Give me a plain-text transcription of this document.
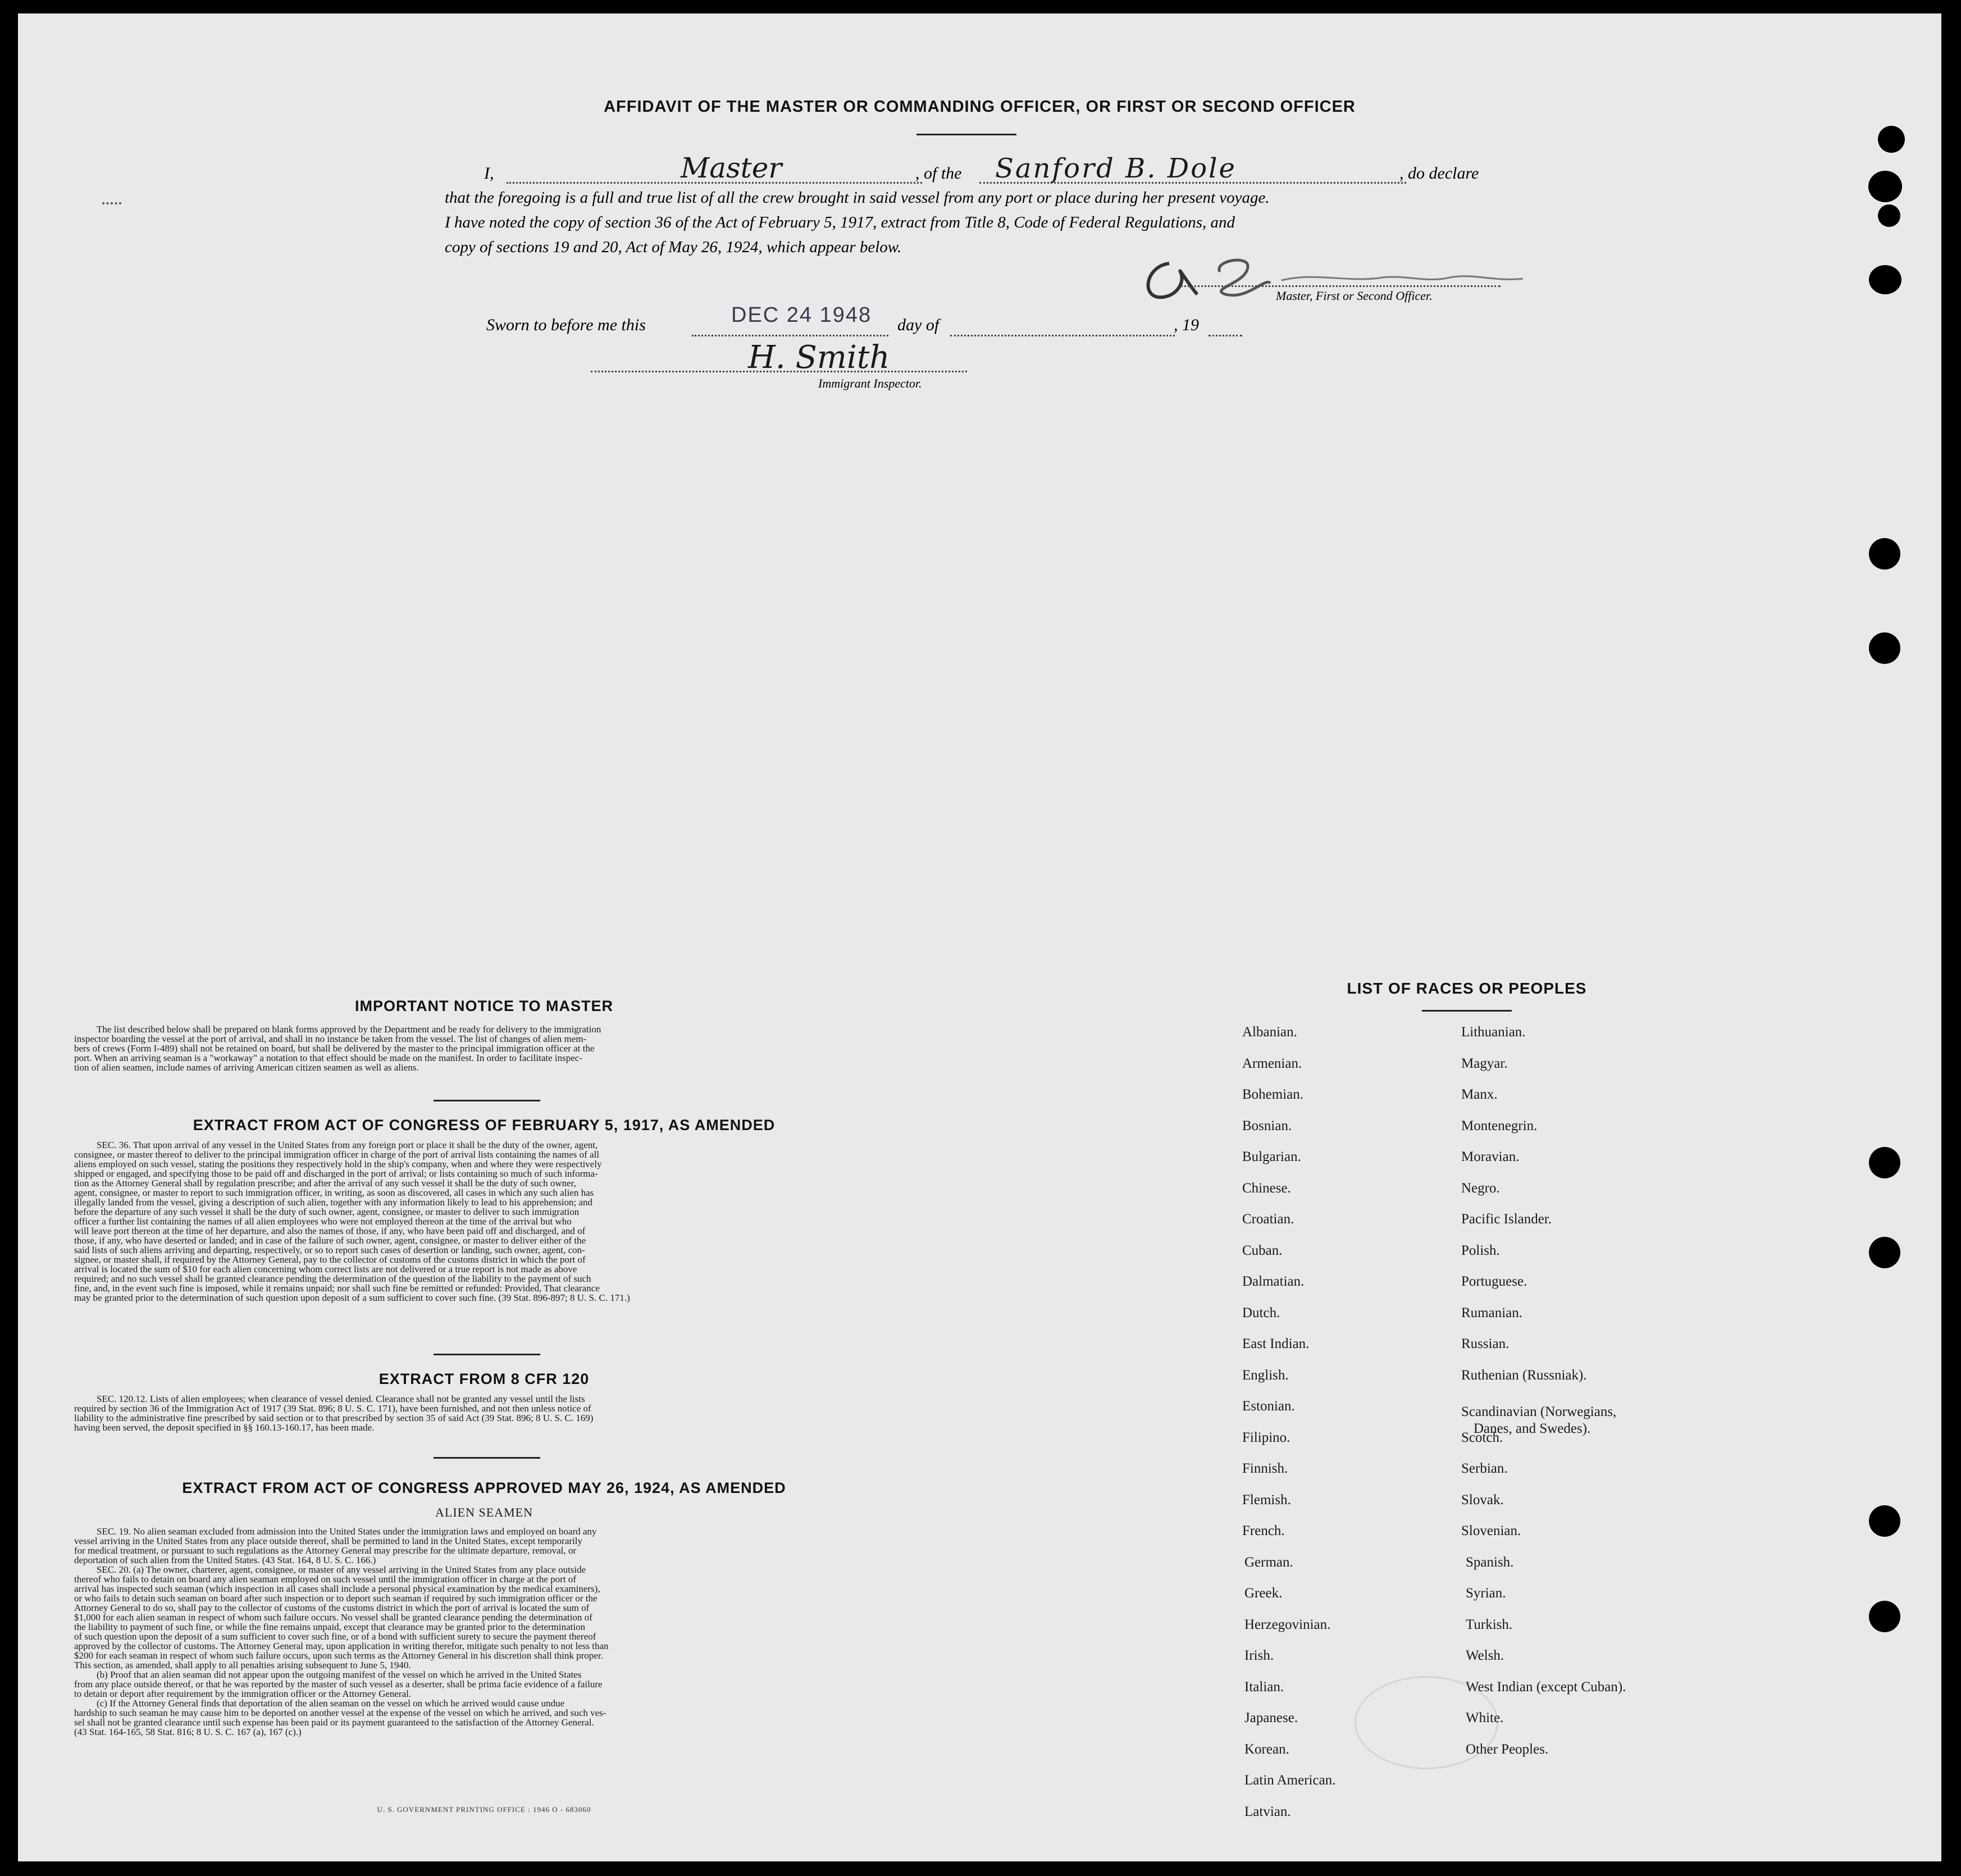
AFFIDAVIT OF THE MASTER OR COMMANDING OFFICER, OR FIRST OR SECOND OFFICER
I,	Master	, of the Sanford B. Dole	, do declare
that the foregoing is a full and true list of all the crew brought in said vessel from any port or place during her present voyage.
I have noted the copy of section 36 of the Act of February 5, 1917, extract from Title 8, Code of Federal Regulations, and
copy of sections 19 and 20, Act of May 26, 1924, which appear below.
Master, First or Second Officer.
Sworn to before me this	DEC 24 1948 day of	, 19
H. Smith
Immigrant Inspector.
IMPORTANT NOTICE TO MASTER
The list described below shall be prepared on blank forms approved by the Department and be ready for delivery to the immigration
inspector boarding the vessel at the port of arrival, and shall in no instance be taken from the vessel. The list of changes of alien mem-
bers of crews (Form I-489) shall not be retained on board, but shall be delivered by the master to the principal immigration officer at the
port. When an arriving seaman is a "workaway" a notation to that effect should be made on the manifest. In order to facilitate inspec-
tion of alien seamen, include names of arriving American citizen seamen as well as aliens.
EXTRACT FROM ACT OF CONGRESS OF FEBRUARY 5, 1917, AS AMENDED
SEC. 36. That upon arrival of any vessel in the United States from any foreign port or place it shall be the duty of the owner, agent,
consignee, or master thereof to deliver to the principal immigration officer in charge of the port of arrival lists containing the names of all
aliens employed on such vessel, stating the positions they respectively hold in the ship's company, when and where they were respectively
shipped or engaged, and specifying those to be paid off and discharged in the port of arrival; or lists containing so much of such informa-
tion as the Attorney General shall by regulation prescribe; and after the arrival of any such vessel it shall be the duty of such owner,
agent, consignee, or master to report to such immigration officer, in writing, as soon as discovered, all cases in which any such alien has
illegally landed from the vessel, giving a description of such alien, together with any information likely to lead to his apprehension; and
before the departure of any such vessel it shall be the duty of such owner, agent, consignee, or master to deliver to such immigration
officer a further list containing the names of all alien employees who were not employed thereon at the time of the arrival but who
will leave port thereon at the time of her departure, and also the names of those, if any, who have been paid off and discharged, and of
those, if any, who have deserted or landed; and in case of the failure of such owner, agent, consignee, or master to deliver either of the
said lists of such aliens arriving and departing, respectively, or so to report such cases of desertion or landing, such owner, agent, con-
signee, or master shall, if required by the Attorney General, pay to the collector of customs of the customs district in which the port of
arrival is located the sum of $10 for each alien concerning whom correct lists are not delivered or a true report is not made as above
required; and no such vessel shall be granted clearance pending the determination of the question of the liability to the payment of such
fine, and, in the event such fine is imposed, while it remains unpaid; nor shall such fine be remitted or refunded: Provided, That clearance
may be granted prior to the determination of such question upon deposit of a sum sufficient to cover such fine. (39 Stat. 896-897; 8 U. S. C. 171.)
EXTRACT FROM 8 CFR 120
SEC. 120.12. Lists of alien employees; when clearance of vessel denied. Clearance shall not be granted any vessel until the lists
required by section 36 of the Immigration Act of 1917 (39 Stat. 896; 8 U. S. C. 171), have been furnished, and not then unless notice of
liability to the administrative fine prescribed by said section or to that prescribed by section 35 of said Act (39 Stat. 896; 8 U. S. C. 169)
having been served, the deposit specified in §§ 160.13-160.17, has been made.
EXTRACT FROM ACT OF CONGRESS APPROVED MAY 26, 1924, AS AMENDED
ALIEN SEAMEN
SEC. 19. No alien seaman excluded from admission into the United States under the immigration laws and employed on board any
vessel arriving in the United States from any place outside thereof, shall be permitted to land in the United States, except temporarily
for medical treatment, or pursuant to such regulations as the Attorney General may prescribe for the ultimate departure, removal, or
deportation of such alien from the United States. (43 Stat. 164, 8 U. S. C. 166.)
SEC. 20. (a) The owner, charterer, agent, consignee, or master of any vessel arriving in the United States from any place outside
thereof who fails to detain on board any alien seaman employed on such vessel until the immigration officer in charge at the port of
arrival has inspected such seaman (which inspection in all cases shall include a personal physical examination by the medical examiners),
or who fails to detain such seaman on board after such inspection or to deport such seaman if required by such immigration officer or the
Attorney General to do so, shall pay to the collector of customs of the customs district in which the port of arrival is located the sum of
$1,000 for each alien seaman in respect of whom such failure occurs. No vessel shall be granted clearance pending the determination of
the liability to payment of such fine, or while the fine remains unpaid, except that clearance may be granted prior to the determination
of such question upon the deposit of a sum sufficient to cover such fine, or of a bond with sufficient surety to secure the payment thereof
approved by the collector of customs. The Attorney General may, upon application in writing therefor, mitigate such penalty to not less than
$200 for each seaman in respect of whom such failure occurs, upon such terms as the Attorney General in his discretion shall think proper.
This section, as amended, shall apply to all penalties arising subsequent to June 5, 1940.
(b) Proof that an alien seaman did not appear upon the outgoing manifest of the vessel on which he arrived in the United States
from any place outside thereof, or that he was reported by the master of such vessel as a deserter, shall be prima facie evidence of a failure
to detain or deport after requirement by the immigration officer or the Attorney General.
(c) If the Attorney General finds that deportation of the alien seaman on the vessel on which he arrived would cause undue
hardship to such seaman he may cause him to be deported on another vessel at the expense of the vessel on which he arrived, and such ves-
sel shall not be granted clearance until such expense has been paid or its payment guaranteed to the satisfaction of the Attorney General.
(43 Stat. 164-165, 58 Stat. 816; 8 U. S. C. 167 (a), 167 (c).)
U. S. GOVERNMENT PRINTING OFFICE : 1946 O - 683060
LIST OF RACES OR PEOPLES
Albanian.
Armenian.
Bohemian.
Bosnian.
Bulgarian.
Chinese.
Croatian.
Cuban.
Dalmatian.
Dutch.
East Indian.
English.
Estonian.
Filipino.
Finnish.
Flemish.
French.
German.
Greek.
Herzegovinian.
Irish.
Italian.
Japanese.
Korean.
Latin American.
Latvian.
Lithuanian.
Magyar.
Manx.
Montenegrin.
Moravian.
Negro.
Pacific Islander.
Polish.
Portuguese.
Rumanian.
Russian.
Ruthenian (Russniak).
Scandinavian (Norwegians,
Danes, and Swedes).
Scotch.
Serbian.
Slovak.
Slovenian.
Spanish.
Syrian.
Turkish.
Welsh.
West Indian (except Cuban).
White.
Other Peoples.
